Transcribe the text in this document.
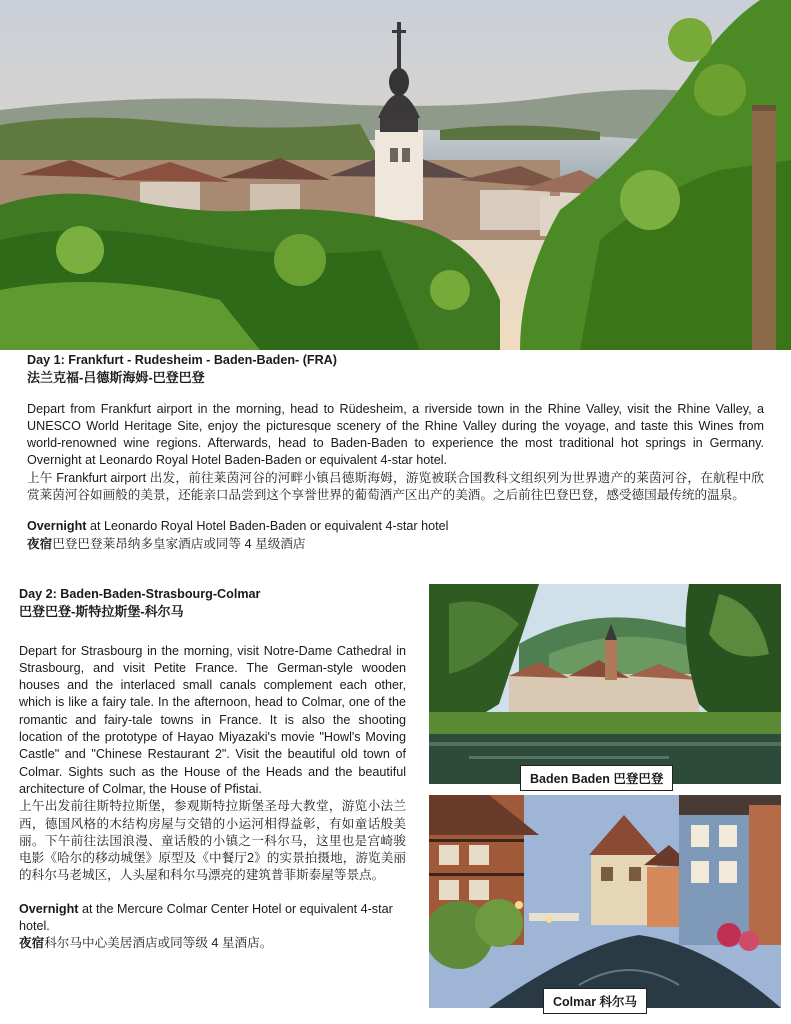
Day 1: Frankfurt - Rudesheim - Baden-Baden- (FRA)
法兰克福-吕德斯海姆-巴登巴登
Depart from Frankfurt airport in the morning, head to Rüdesheim, a riverside town in the Rhine Valley, visit the Rhine Valley, a UNESCO World Heritage Site, enjoy the picturesque scenery of the Rhine Valley during the voyage, and taste this Wines from world-renowned wine regions. Afterwards, head to Baden-Baden to experience the most traditional hot springs in Germany. Overnight at Leonardo Royal Hotel Baden-Baden or equivalent 4-star hotel.
上午 Frankfurt airport 出发，前往莱茵河谷的河畔小镇吕德斯海姆，游览被联合国教科文组织列为世界遗产的莱茵河谷，在航程中欣赏莱茵河谷如画般的美景，还能亲口品尝到这个享誉世界的葡萄酒产区出产的美酒。之后前往巴登巴登，感受德国最传统的温泉。
Overnight at Leonardo Royal Hotel Baden-Baden or equivalent 4-star hotel
夜宿巴登巴登莱昂纳多皇家酒店或同等 4 星级酒店
Day 2: Baden-Baden-Strasbourg-Colmar
巴登巴登-斯特拉斯堡-科尔马
Depart for Strasbourg in the morning, visit Notre-Dame Cathedral in Strasbourg, and visit Petite France. The German-style wooden houses and the interlaced small canals complement each other, which is like a fairy tale. In the afternoon, head to Colmar, one of the romantic and fairy-tale towns in France. It is also the shooting location of the prototype of Hayao Miyazaki's movie "Howl's Moving Castle" and "Chinese Restaurant 2". Visit the beautiful old town of Colmar. Sights such as the House of the Heads and the beautiful architecture of Colmar, the House of Pfistai.
上午出发前往斯特拉斯堡，参观斯特拉斯堡圣母大教堂，游览小法兰西，德国风格的木结构房屋与交错的小运河相得益彰，有如童话般美丽。下午前往法国浪漫、童话般的小镇之一科尔马，这里也是宫崎骏电影《哈尔的移动城堡》原型及《中餐厅2》的实景拍摄地，游览美丽的科尔马老城区，人头屋和科尔马漂亮的建筑普菲斯泰屋等景点。
Overnight at the Mercure Colmar Center Hotel or equivalent 4-star hotel.
夜宿科尔马中心美居酒店或同等级 4 星酒店。
Baden Baden 巴登巴登
Colmar 科尔马
